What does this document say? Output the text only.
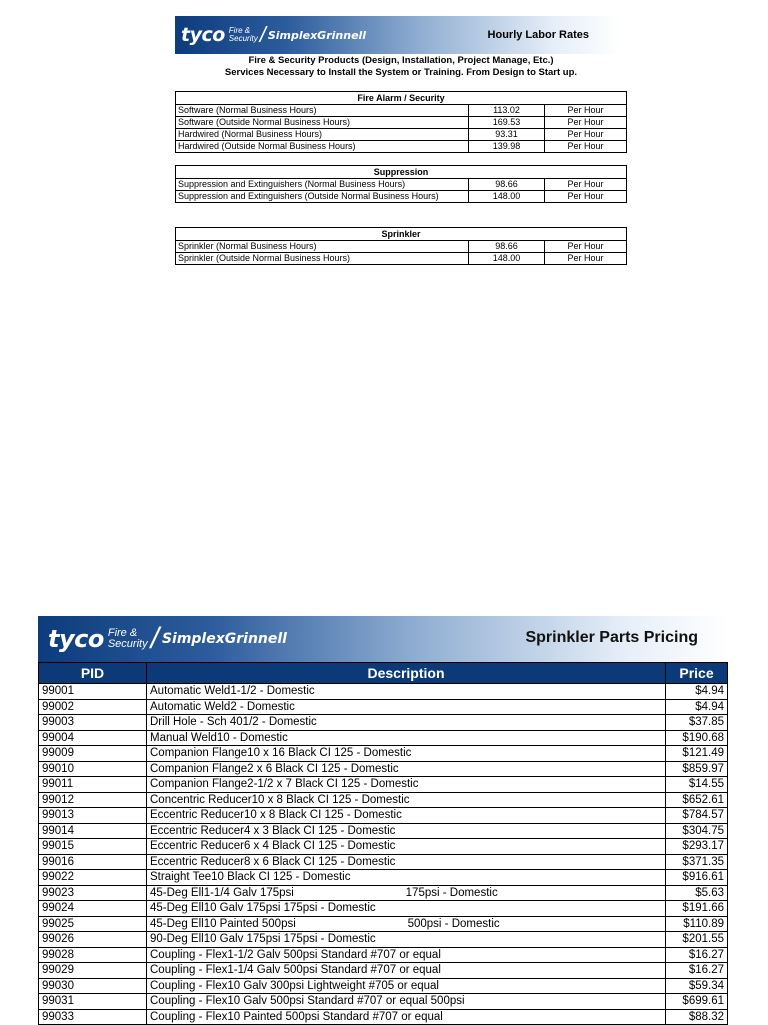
tyco Fire &
Security / SimplexGrinnell	Hourly Labor Rates
Fire & Security Products (Design, Installation, Project Manage, Etc.)
Services Necessary to Install the System or Training. From Design to Start up.
Fire Alarm / Security		
Software (Normal Business Hours)	113.02	Per Hour
Software (Outside Normal Business Hours)	169.53	Per Hour
Hardwired (Normal Business Hours)	93.31	Per Hour
Hardwired (Outside Normal Business Hours)	139.98	Per Hour
Suppression		
Suppression and Extinguishers (Normal Business Hours)	98.66	Per Hour
Suppression and Extinguishers (Outside Normal Business Hours)	148.00	Per Hour
Sprinkler		
Sprinkler (Normal Business Hours)	98.66	Per Hour
Sprinkler (Outside Normal Business Hours)	148.00	Per Hour
tyco Fire &
Security / SimplexGrinnell	Sprinkler Parts Pricing
PID	Description	Price
99001	Automatic Weld1-1/2 - Domestic	$4.94
99002	Automatic Weld2 - Domestic	$4.94
99003	Drill Hole - Sch 401/2 - Domestic	$37.85
99004	Manual Weld10 - Domestic	$190.68
99009	Companion Flange10 x 16 Black CI 125 - Domestic	$121.49
99010	Companion Flange2 x 6 Black CI 125 - Domestic	$859.97
99011	Companion Flange2-1/2 x 7 Black CI 125 - Domestic	$14.55
99012	Concentric Reducer10 x 8 Black CI 125 - Domestic	$652.61
99013	Eccentric Reducer10 x 8 Black CI 125 - Domestic	$784.57
99014	Eccentric Reducer4 x 3 Black CI 125 - Domestic	$304.75
99015	Eccentric Reducer6 x 4 Black CI 125 - Domestic	$293.17
99016	Eccentric Reducer8 x 6 Black CI 125 - Domestic	$371.35
99022	Straight Tee10 Black CI 125 - Domestic	$916.61
99023	45-Deg Ell1-1/4 Galv 175psi                                   175psi - Domestic	$5.63
99024	45-Deg Ell10 Galv 175psi 175psi - Domestic	$191.66
99025	45-Deg Ell10 Painted 500psi                                   500psi - Domestic	$110.89
99026	90-Deg Ell10 Galv 175psi 175psi - Domestic	$201.55
99028	Coupling - Flex1-1/2 Galv 500psi Standard #707 or equal	$16.27
99029	Coupling - Flex1-1/4 Galv 500psi Standard #707 or equal	$16.27
99030	Coupling - Flex10 Galv 300psi Lightweight #705 or equal	$59.34
99031	Coupling - Flex10 Galv 500psi Standard #707 or equal 500psi	$699.61
99033	Coupling - Flex10 Painted 500psi Standard #707 or equal	$88.32
